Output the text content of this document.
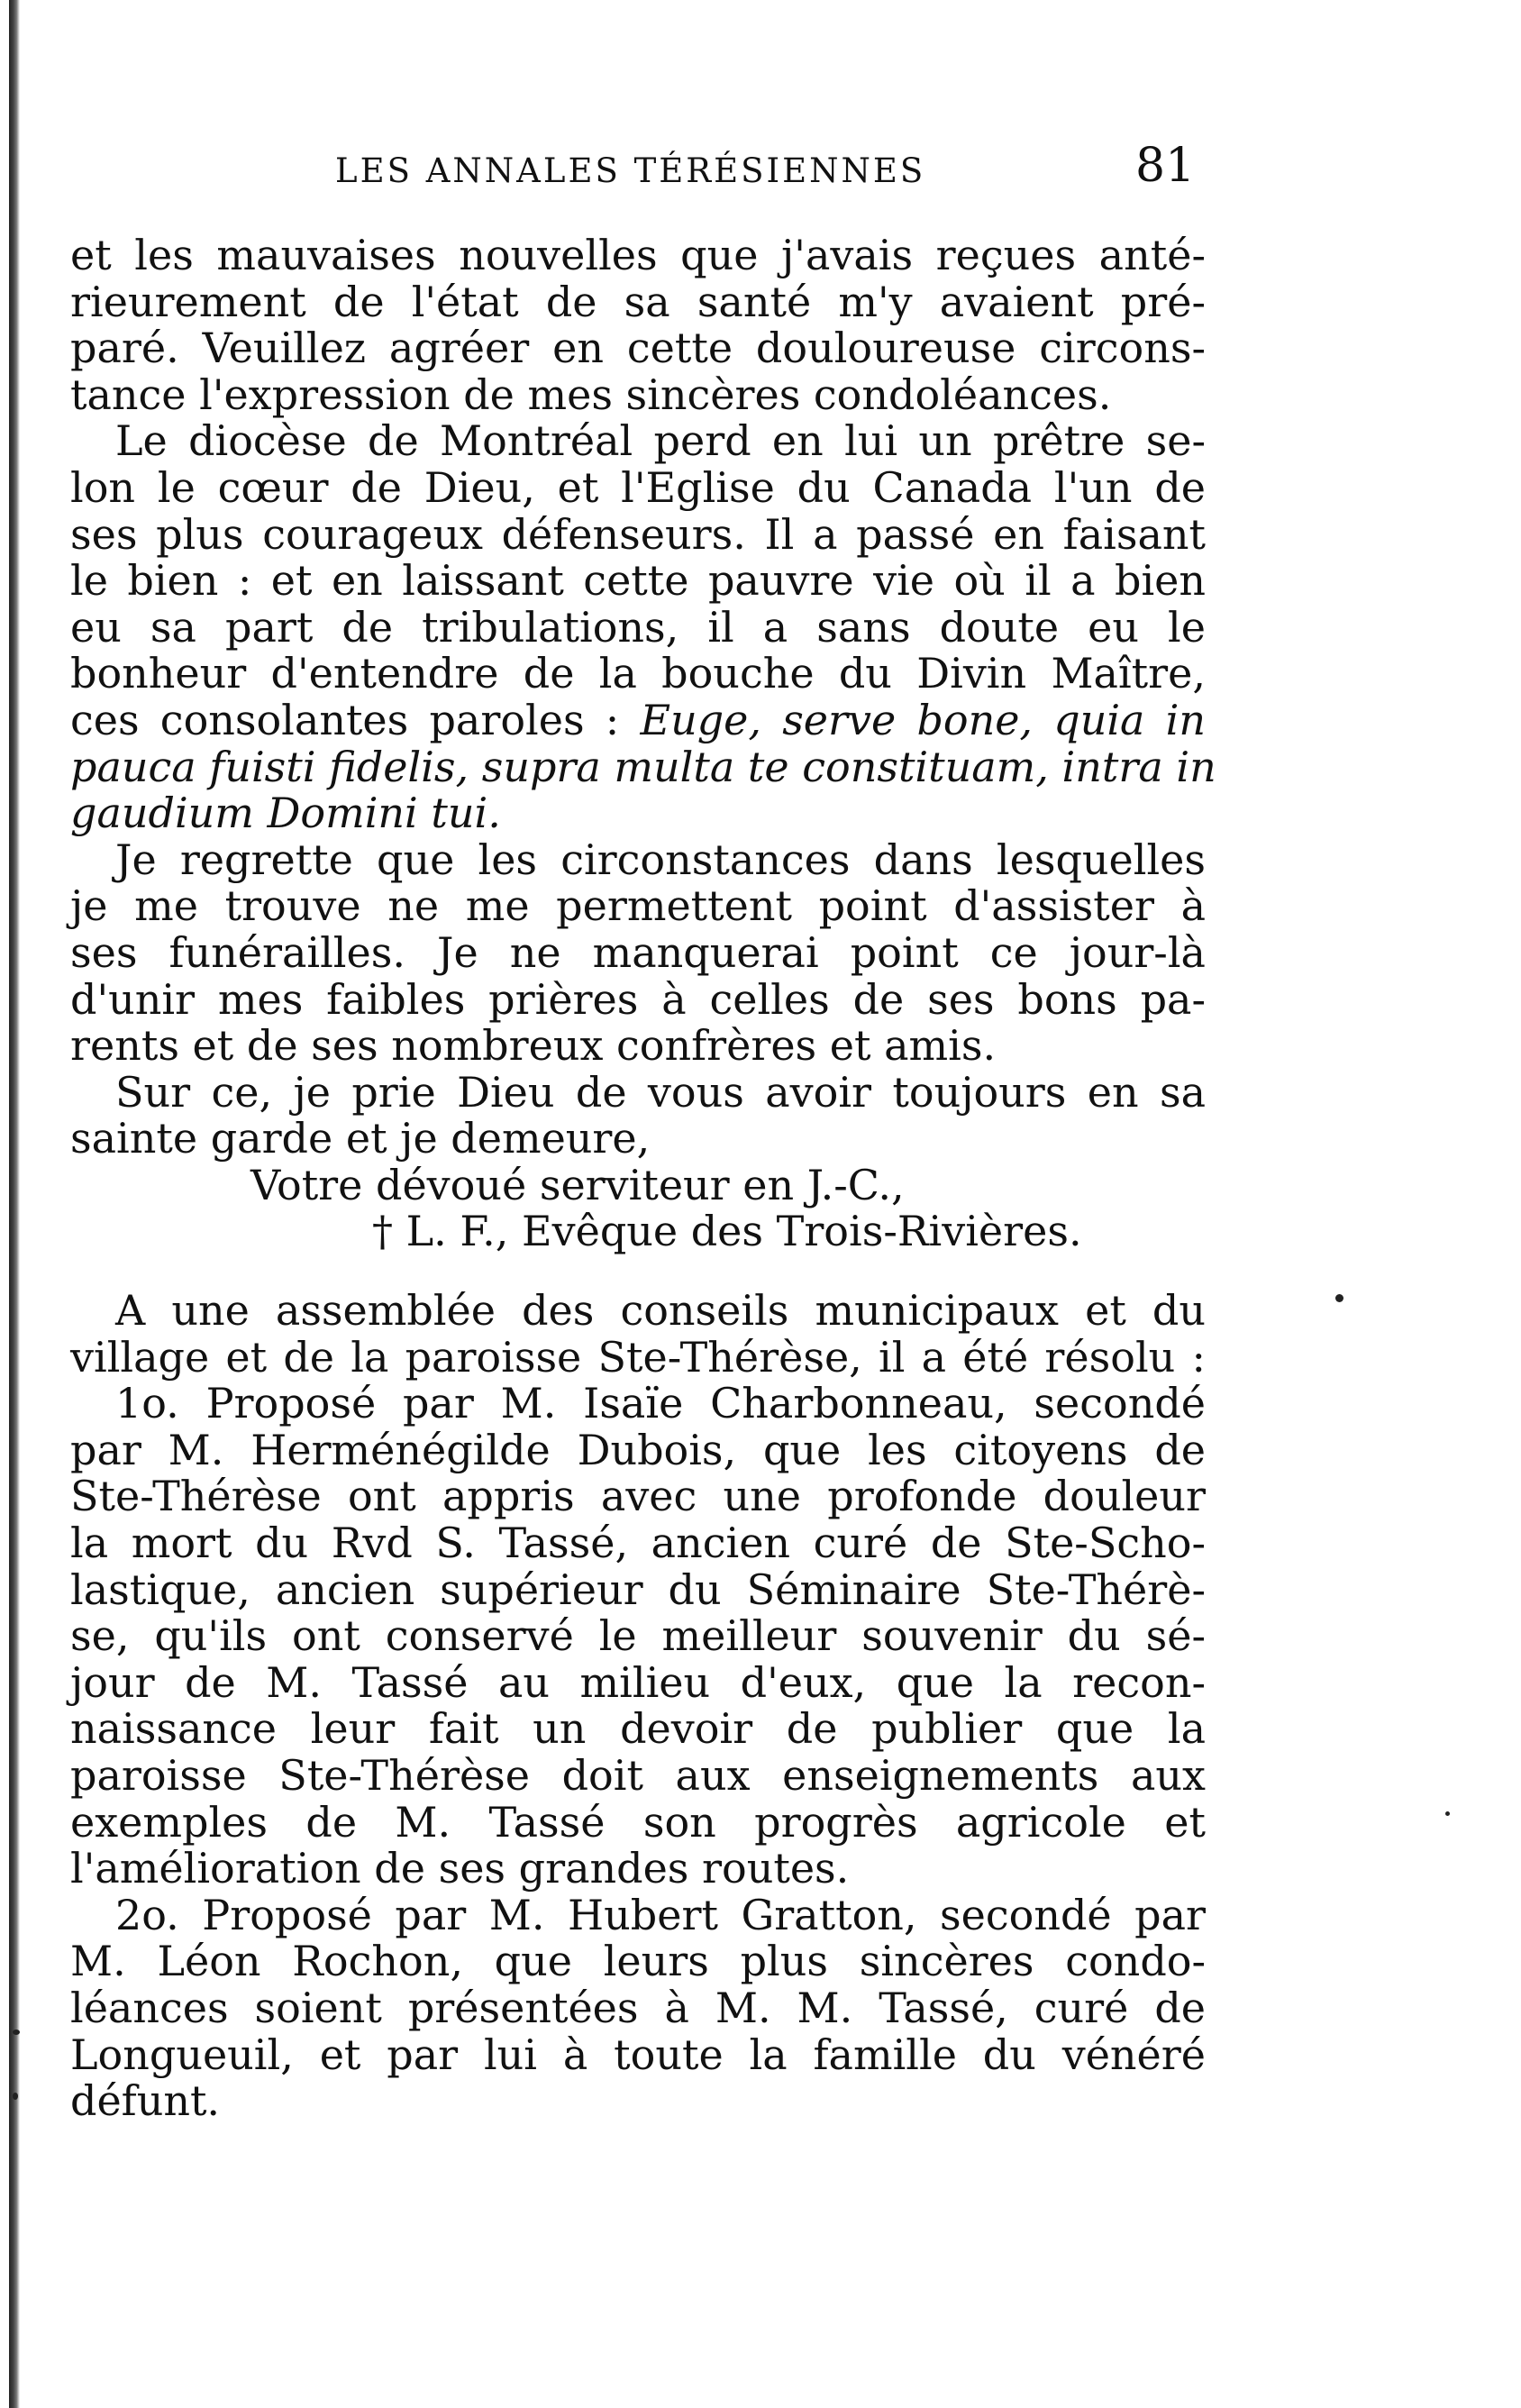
LES ANNALES TÉRÉSIENNES	81
et les mauvaises nouvelles que j'avais reçues anté-
rieurement de l'état de sa santé m'y avaient pré-
paré. Veuillez agréer en cette douloureuse circons-
tance l'expression de mes sincères condoléances.
Le diocèse de Montréal perd en lui un prêtre se-
lon le cœur de Dieu, et l'Eglise du Canada l'un de
ses plus courageux défenseurs. Il a passé en faisant
le bien : et en laissant cette pauvre vie où il a bien
eu sa part de tribulations, il a sans doute eu le
bonheur d'entendre de la bouche du Divin Maître,
ces consolantes paroles : Euge, serve bone, quia in
pauca fuisti fidelis, supra multa te constituam, intra in
gaudium Domini tui.
Je regrette que les circonstances dans lesquelles
je me trouve ne me permettent point d'assister à
ses funérailles. Je ne manquerai point ce jour-là
d'unir mes faibles prières à celles de ses bons pa-
rents et de ses nombreux confrères et amis.
Sur ce, je prie Dieu de vous avoir toujours en sa
sainte garde et je demeure,
Votre dévoué serviteur en J.-C.,
† L. F., Evêque des Trois-Rivières.
A une assemblée des conseils municipaux et du
village et de la paroisse Ste-Thérèse, il a été résolu :
1o. Proposé par M. Isaïe Charbonneau, secondé
par M. Herménégilde Dubois, que les citoyens de
Ste-Thérèse ont appris avec une profonde douleur
la mort du Rvd S. Tassé, ancien curé de Ste-Scho-
lastique, ancien supérieur du Séminaire Ste-Thérè-
se, qu'ils ont conservé le meilleur souvenir du sé-
jour de M. Tassé au milieu d'eux, que la recon-
naissance leur fait un devoir de publier que la
paroisse Ste-Thérèse doit aux enseignements aux
exemples de M. Tassé son progrès agricole et
l'amélioration de ses grandes routes.
2o. Proposé par M. Hubert Gratton, secondé par
M. Léon Rochon, que leurs plus sincères condo-
léances soient présentées à M. M. Tassé, curé de
Longueuil, et par lui à toute la famille du vénéré
défunt.
